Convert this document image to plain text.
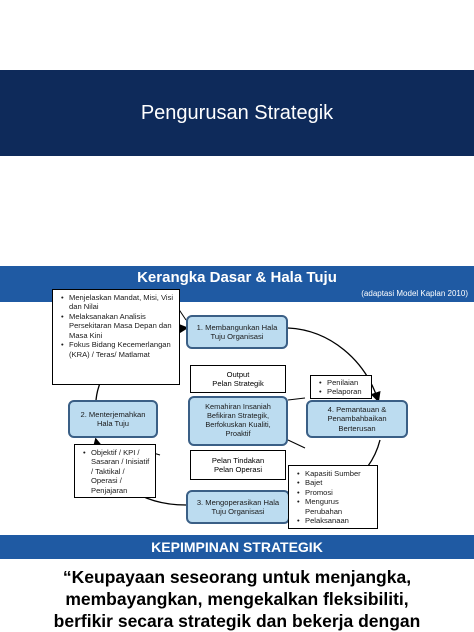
Pengurusan Strategik
Kerangka Dasar & Hala Tuju
(adaptasi Model Kaplan 2010)
1. Membangunkan Hala Tuju Organisasi
2. Menterjemahkan Hala Tuju
3. Mengoperasikan Hala Tuju Organisasi
4. Pemantauan & Penambahbaikan Berterusan
Kemahiran Insaniah Befikiran Strategik, Berfokuskan Kualiti, Proaktif
Output
Pelan Strategik
Pelan Tindakan
Pelan Operasi
• Menjelaskan Mandat, Misi, Visi dan Nilai
• Melaksanakan Analisis Persekitaran Masa Depan dan Masa Kini
• Fokus Bidang Kecemerlangan (KRA) / Teras/ Matlamat
• Objektif / KPI / Sasaran / Inisiatif / Taktikal / Operasi / Penjajaran
• Kapasiti Sumber
• Bajet
• Promosi
• Mengurus Perubahan
• Pelaksanaan
• Penilaian
• Pelaporan
KEPIMPINAN STRATEGIK
“Keupayaan seseorang untuk menjangka,
membayangkan, mengekalkan fleksibiliti,
berfikir secara strategik dan bekerja dengan
